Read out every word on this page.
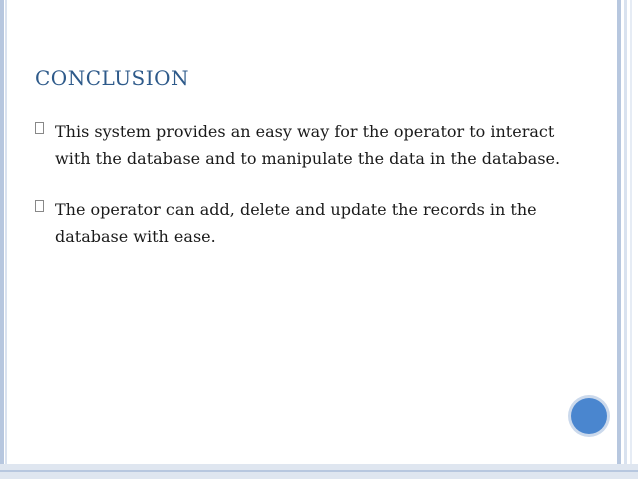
CONCLUSION
This system provides an easy way for the operator to interact with the database and to manipulate the data in the database.
The operator can add, delete and update the records in the database with ease.
